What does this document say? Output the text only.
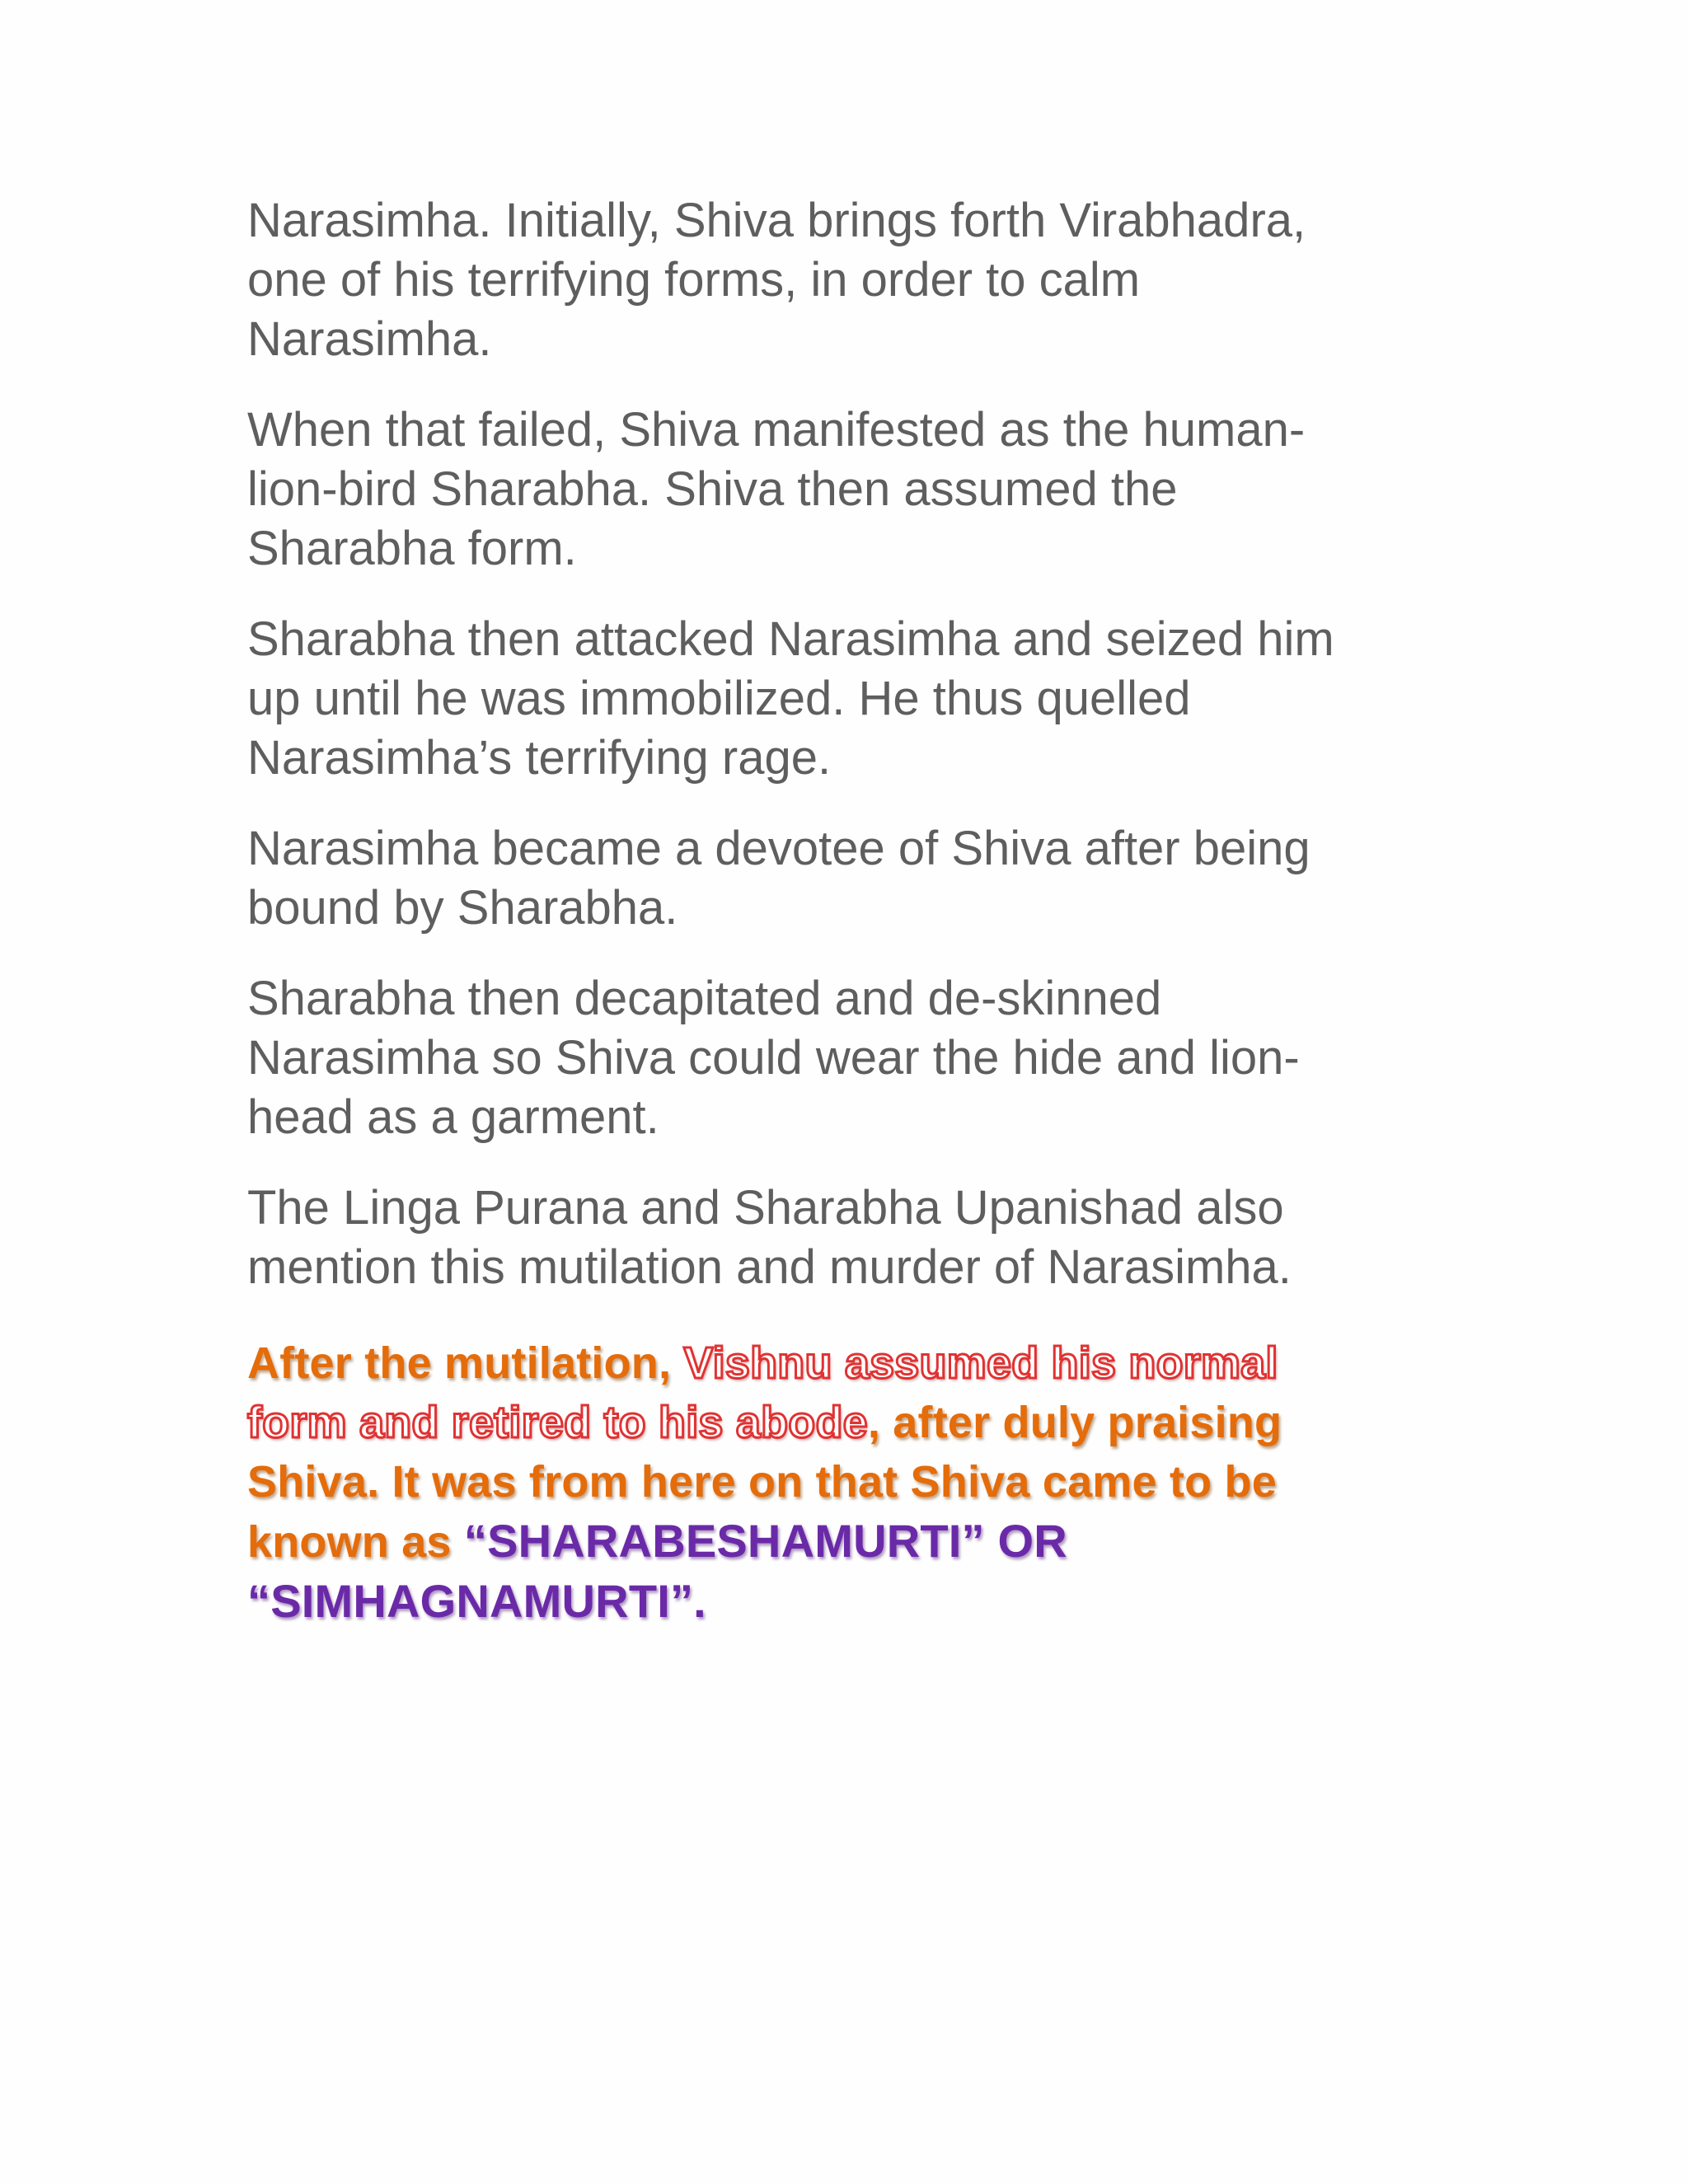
Narasimha. Initially, Shiva brings forth Virabhadra,
one of his terrifying forms, in order to calm
Narasimha.

When that failed, Shiva manifested as the human-
lion-bird Sharabha. Shiva then assumed the
Sharabha form.

Sharabha then attacked Narasimha and seized him
up until he was immobilized. He thus quelled
Narasimha’s terrifying rage.

Narasimha became a devotee of Shiva after being
bound by Sharabha.

Sharabha then decapitated and de-skinned
Narasimha so Shiva could wear the hide and lion-
head as a garment.

The Linga Purana and Sharabha Upanishad also
mention this mutilation and murder of Narasimha.

After the mutilation, Vishnu assumed his normal
form and retired to his abode, after duly praising
Shiva. It was from here on that Shiva came to be
known as “SHARABESHAMURTI” OR
“SIMHAGNAMURTI”.
